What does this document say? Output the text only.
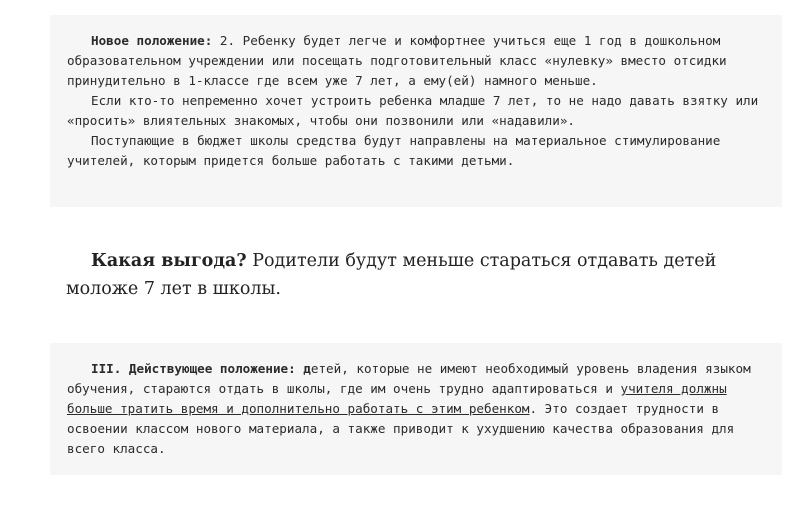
Новое положение: 2. Ребенку будет легче и комфортнее учиться еще 1 год в дошкольном образовательном учреждении или посещать подготовительный класс «нулевку» вместо отсидки принудительно в 1-классе где всем уже 7 лет, а ему(ей) намного меньше.

Если кто-то непременно хочет устроить ребенка младше 7 лет, то не надо давать взятку или «просить» влиятельных знакомых, чтобы они позвонили или «надавили».

Поступающие в бюджет школы средства будут направлены на материальное стимулирование учителей, которым придется больше работать с такими детьми.

Какая выгода? Родители будут меньше стараться отдавать детей моложе 7 лет в школы.

III. Действующее положение: детей, которые не имеют необходимый уровень владения языком обучения, стараются отдать в школы, где им очень трудно адаптироваться и учителя должны больше тратить время и дополнительно работать с этим ребенком. Это создает трудности в освоении классом нового материала, а также приводит к ухудшению качества образования для всего класса.
